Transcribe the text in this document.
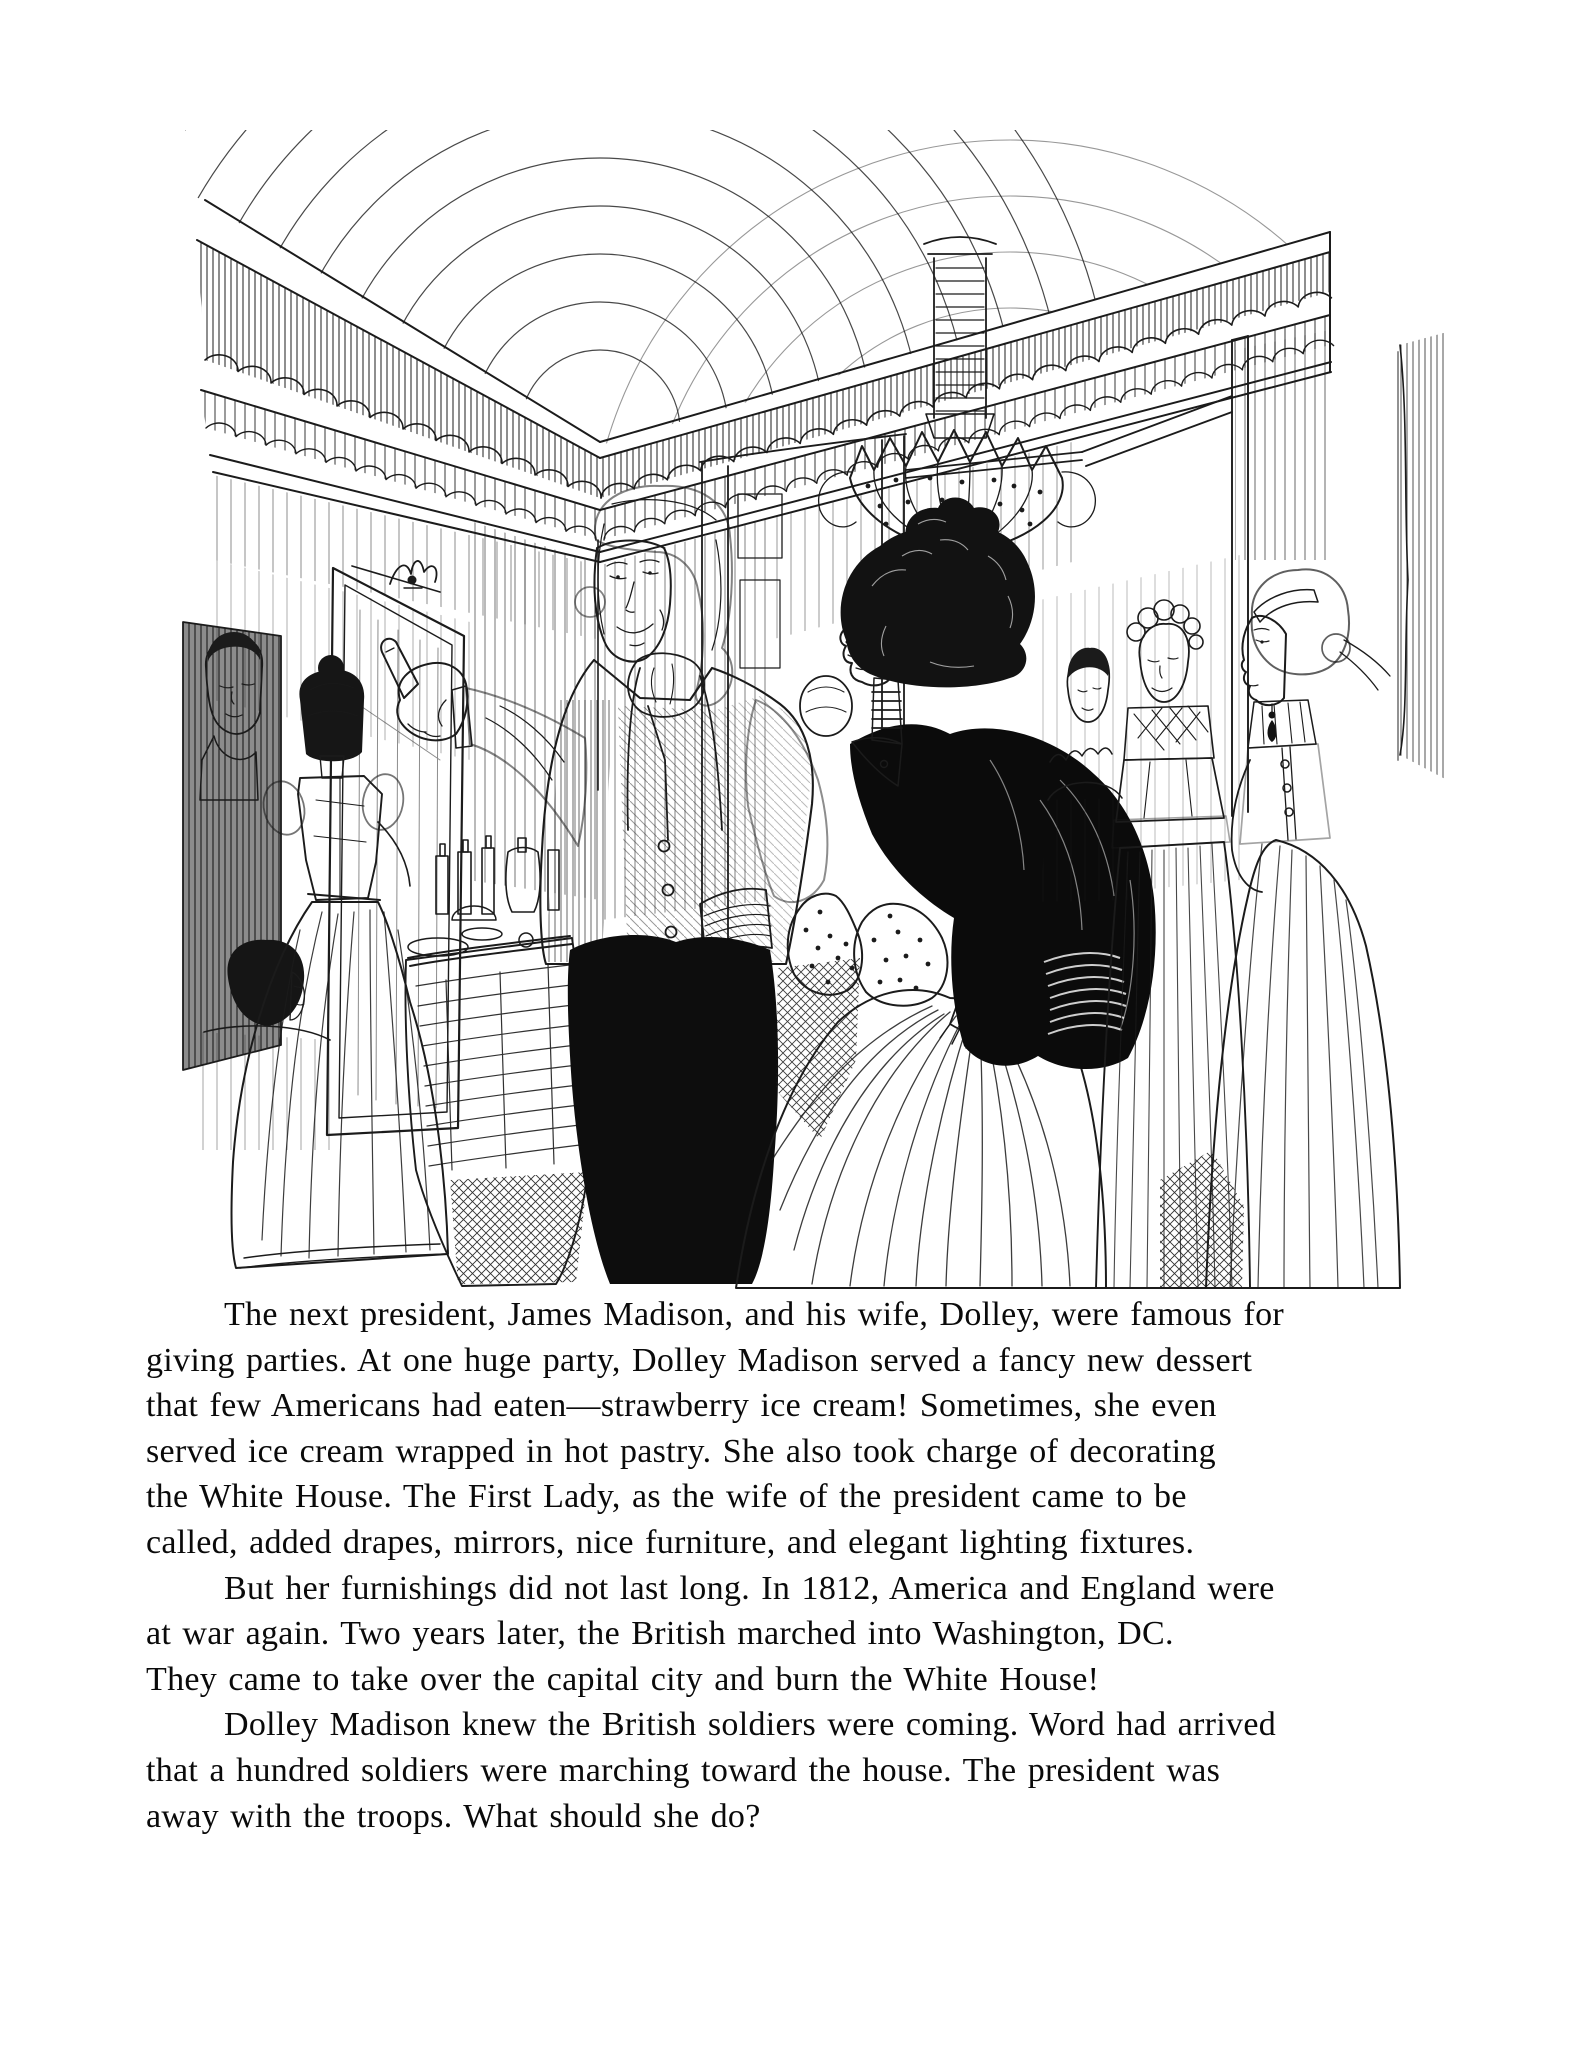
The next president, James Madison, and his wife, Dolley, were famous for
giving parties. At one huge party, Dolley Madison served a fancy new dessert
that few Americans had eaten—strawberry ice cream! Sometimes, she even
served ice cream wrapped in hot pastry. She also took charge of decorating
the White House. The First Lady, as the wife of the president came to be
called, added drapes, mirrors, nice furniture, and elegant lighting fixtures.

But her furnishings did not last long. In 1812, America and England were
at war again. Two years later, the British marched into Washington, DC.
They came to take over the capital city and burn the White House!

Dolley Madison knew the British soldiers were coming. Word had arrived
that a hundred soldiers were marching toward the house. The president was
away with the troops. What should she do?
